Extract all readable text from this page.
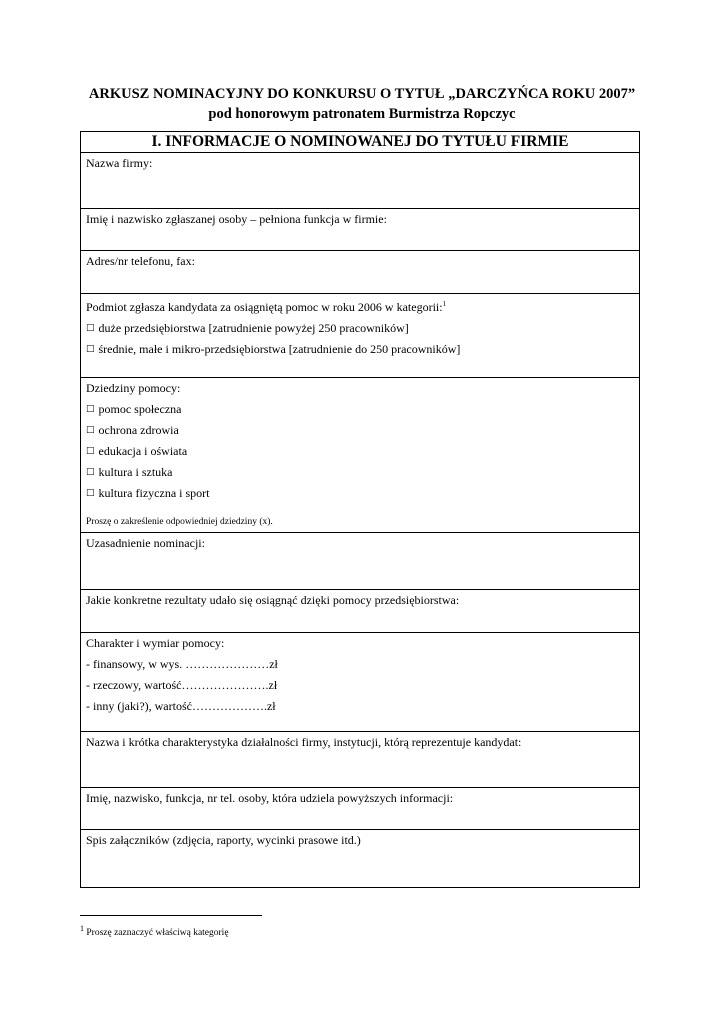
ARKUSZ NOMINACYJNY DO KONKURSU O TYTUŁ „DARCZYŃCA ROKU 2007”
pod honorowym patronatem Burmistrza Ropczyc
I. INFORMACJE O NOMINOWANEJ DO TYTUŁU FIRMIE
Nazwa firmy:
Imię i nazwisko zgłaszanej osoby – pełniona funkcja w firmie:
Adres/nr telefonu, fax:
Podmiot zgłasza kandydata za osiągniętą pomoc w roku 2006 w kategorii:$^1$
□ duże przedsiębiorstwa [zatrudnienie powyżej 250 pracowników]
□ średnie, małe i mikro-przedsiębiorstwa [zatrudnienie do 250 pracowników]
Dziedziny pomocy:
□ pomoc społeczna
□ ochrona zdrowia
□ edukacja i oświata
□ kultura i sztuka
□ kultura fizyczna i sport
Proszę o zakreślenie odpowiedniej dziedziny (x).
Uzasadnienie nominacji:
Jakie konkretne rezultaty udało się osiągnąć dzięki pomocy przedsiębiorstwa:
Charakter i wymiar pomocy:
- finansowy, w wys. …………………zł
- rzeczowy, wartość………………….zł
- inny (jaki?), wartość……………….zł
Nazwa i krótka charakterystyka działalności firmy, instytucji, którą reprezentuje kandydat:
Imię, nazwisko, funkcja, nr tel. osoby, która udziela powyższych informacji:
Spis załączników (zdjęcia, raporty, wycinki prasowe itd.)
$^1$ Proszę zaznaczyć właściwą kategorię
